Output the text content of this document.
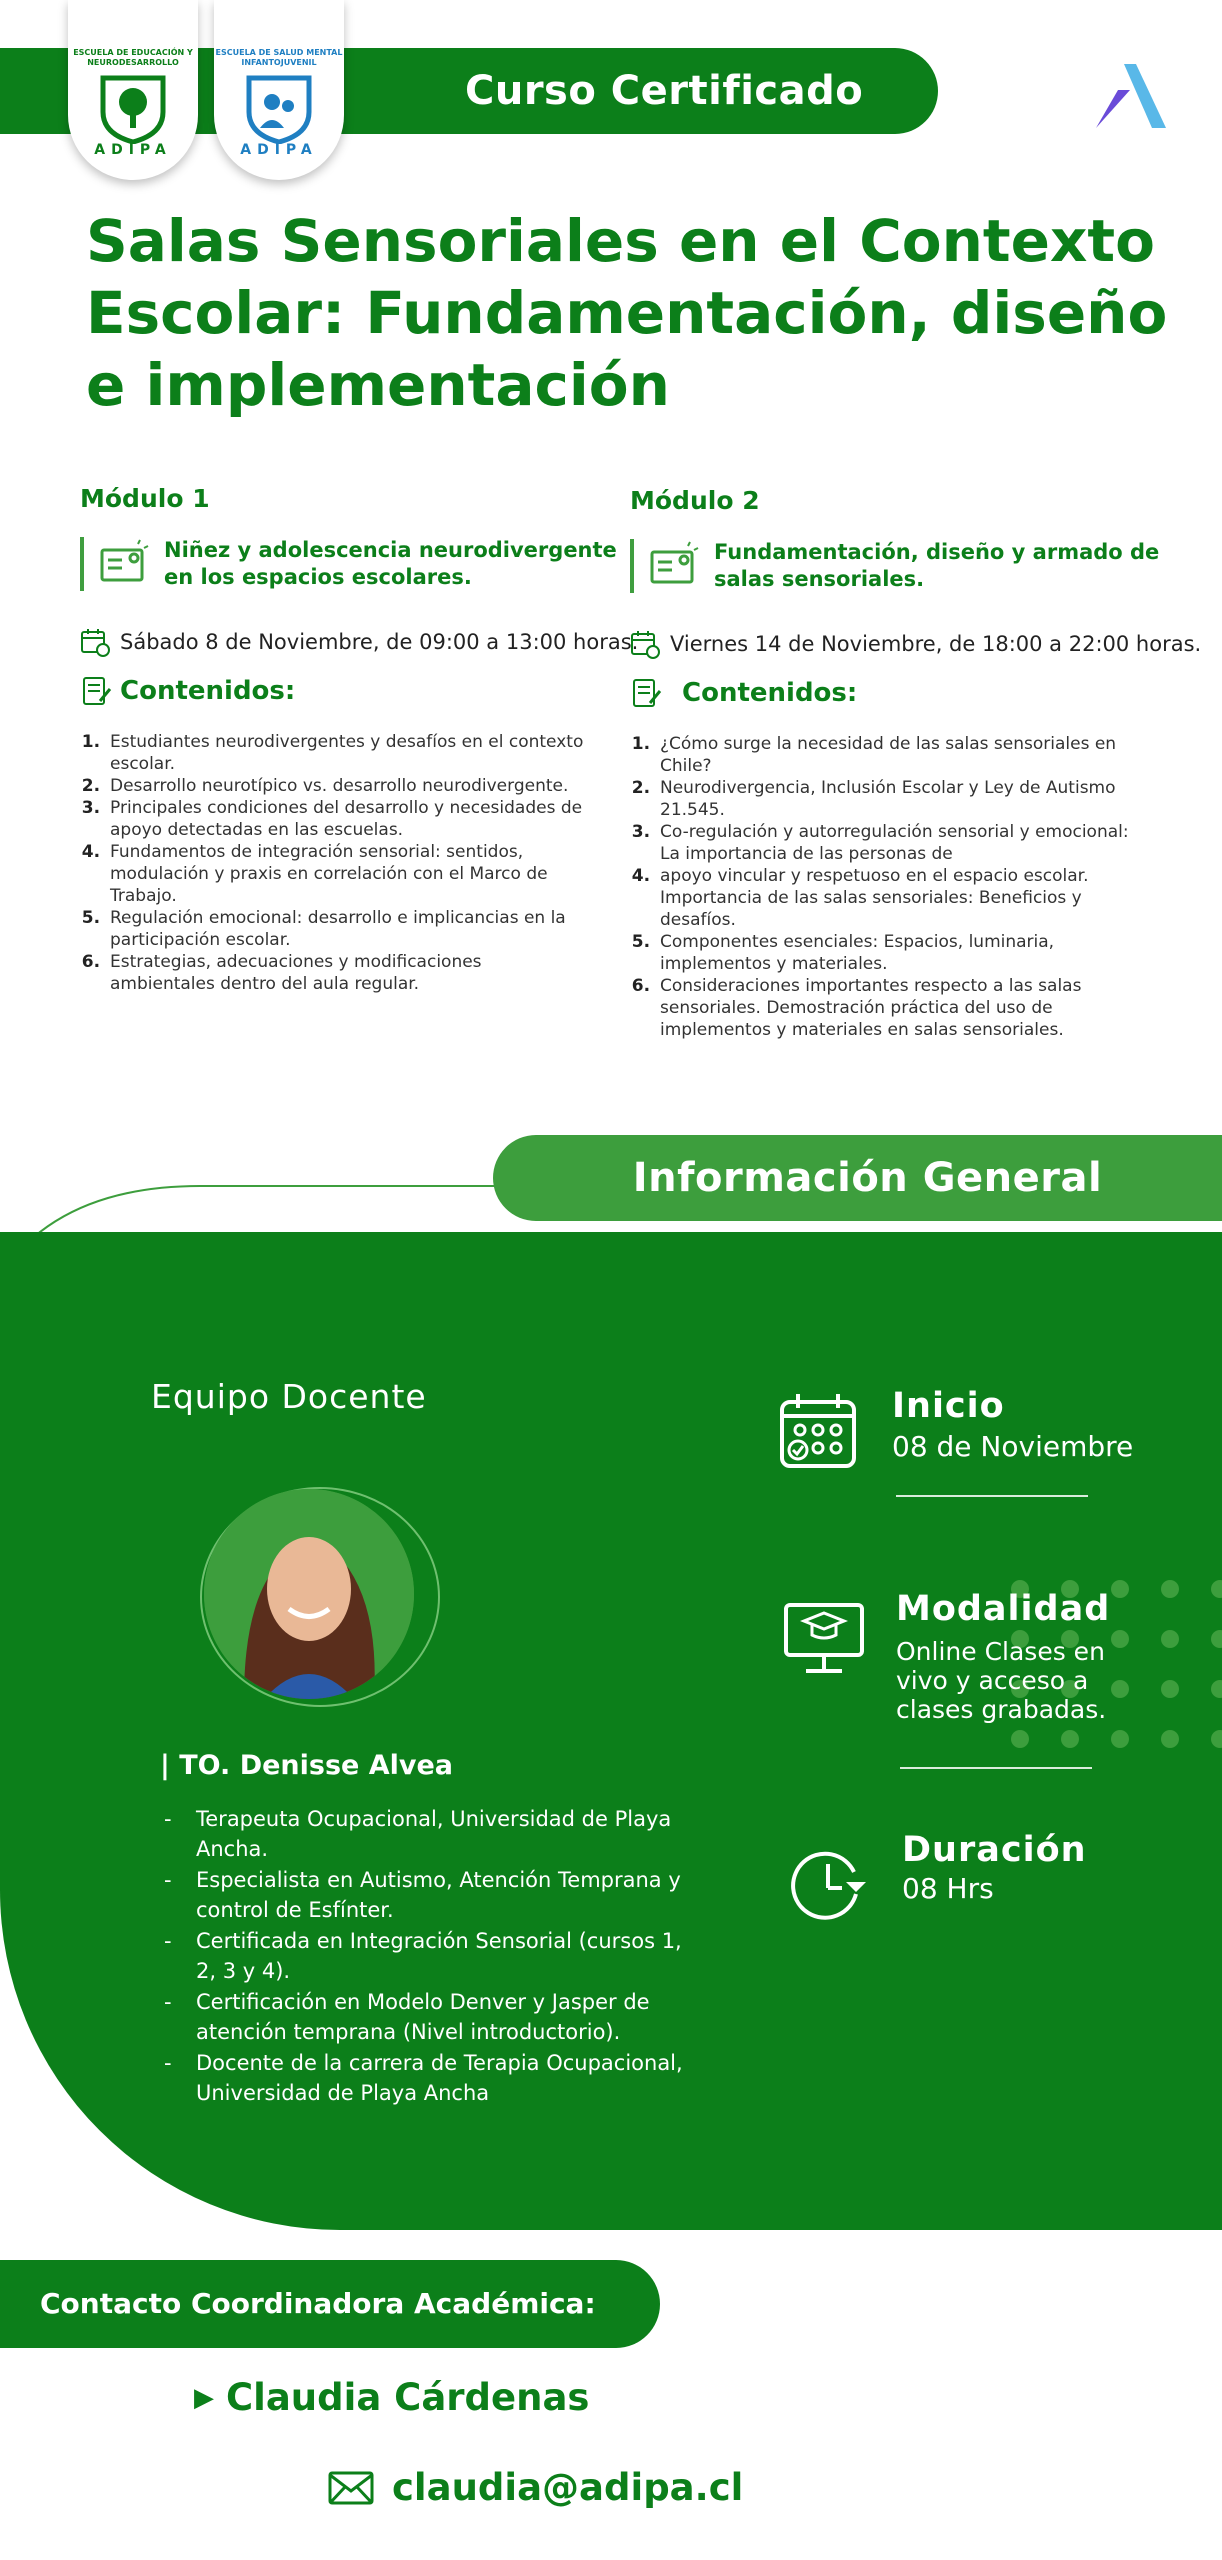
Curso Certificado
ESCUELA DE EDUCACIÓN Y NEURODESARROLLO
ADIPA
ESCUELA DE SALUD MENTAL INFANTOJUVENIL
ADIPA
Salas Sensoriales en el Contexto Escolar: Fundamentación, diseño e implementación
Módulo 1
Niñez y adolescencia neurodivergente en los espacios escolares.
Sábado 8 de Noviembre, de 09:00 a 13:00 horas.
Contenidos:
1. Estudiantes neurodivergentes y desafíos en el contexto escolar.
2. Desarrollo neurotípico vs. desarrollo neurodivergente.
3. Principales condiciones del desarrollo y necesidades de apoyo detectadas en las escuelas.
4. Fundamentos de integración sensorial: sentidos, modulación y praxis en correlación con el Marco de Trabajo.
5. Regulación emocional: desarrollo e implicancias en la participación escolar.
6. Estrategias, adecuaciones y modificaciones ambientales dentro del aula regular.
Módulo 2
Fundamentación, diseño y armado de salas sensoriales.
Viernes 14 de Noviembre, de 18:00 a 22:00 horas.
Contenidos:
1. ¿Cómo surge la necesidad de las salas sensoriales en Chile?
2. Neurodivergencia, Inclusión Escolar y Ley de Autismo 21.545.
3. Co-regulación y autorregulación sensorial y emocional: La importancia de las personas de
4. apoyo vincular y respetuoso en el espacio escolar. Importancia de las salas sensoriales: Beneficios y desafíos.
5. Componentes esenciales: Espacios, luminaria, implementos y materiales.
6. Consideraciones importantes respecto a las salas sensoriales. Demostración práctica del uso de implementos y materiales en salas sensoriales.
Información General
Equipo Docente
| TO. Denisse Alvea
- Terapeuta Ocupacional, Universidad de Playa Ancha.
- Especialista en Autismo, Atención Temprana y control de Esfínter.
- Certificada en Integración Sensorial (cursos 1, 2, 3 y 4).
- Certificación en Modelo Denver y Jasper de atención temprana (Nivel introductorio).
- Docente de la carrera de Terapia Ocupacional, Universidad de Playa Ancha
Inicio
08 de Noviembre
Modalidad
Online Clases en vivo y acceso a clases grabadas.
Duración
08 Hrs
Contacto Coordinadora Académica:
▶ Claudia Cárdenas
claudia@adipa.cl
